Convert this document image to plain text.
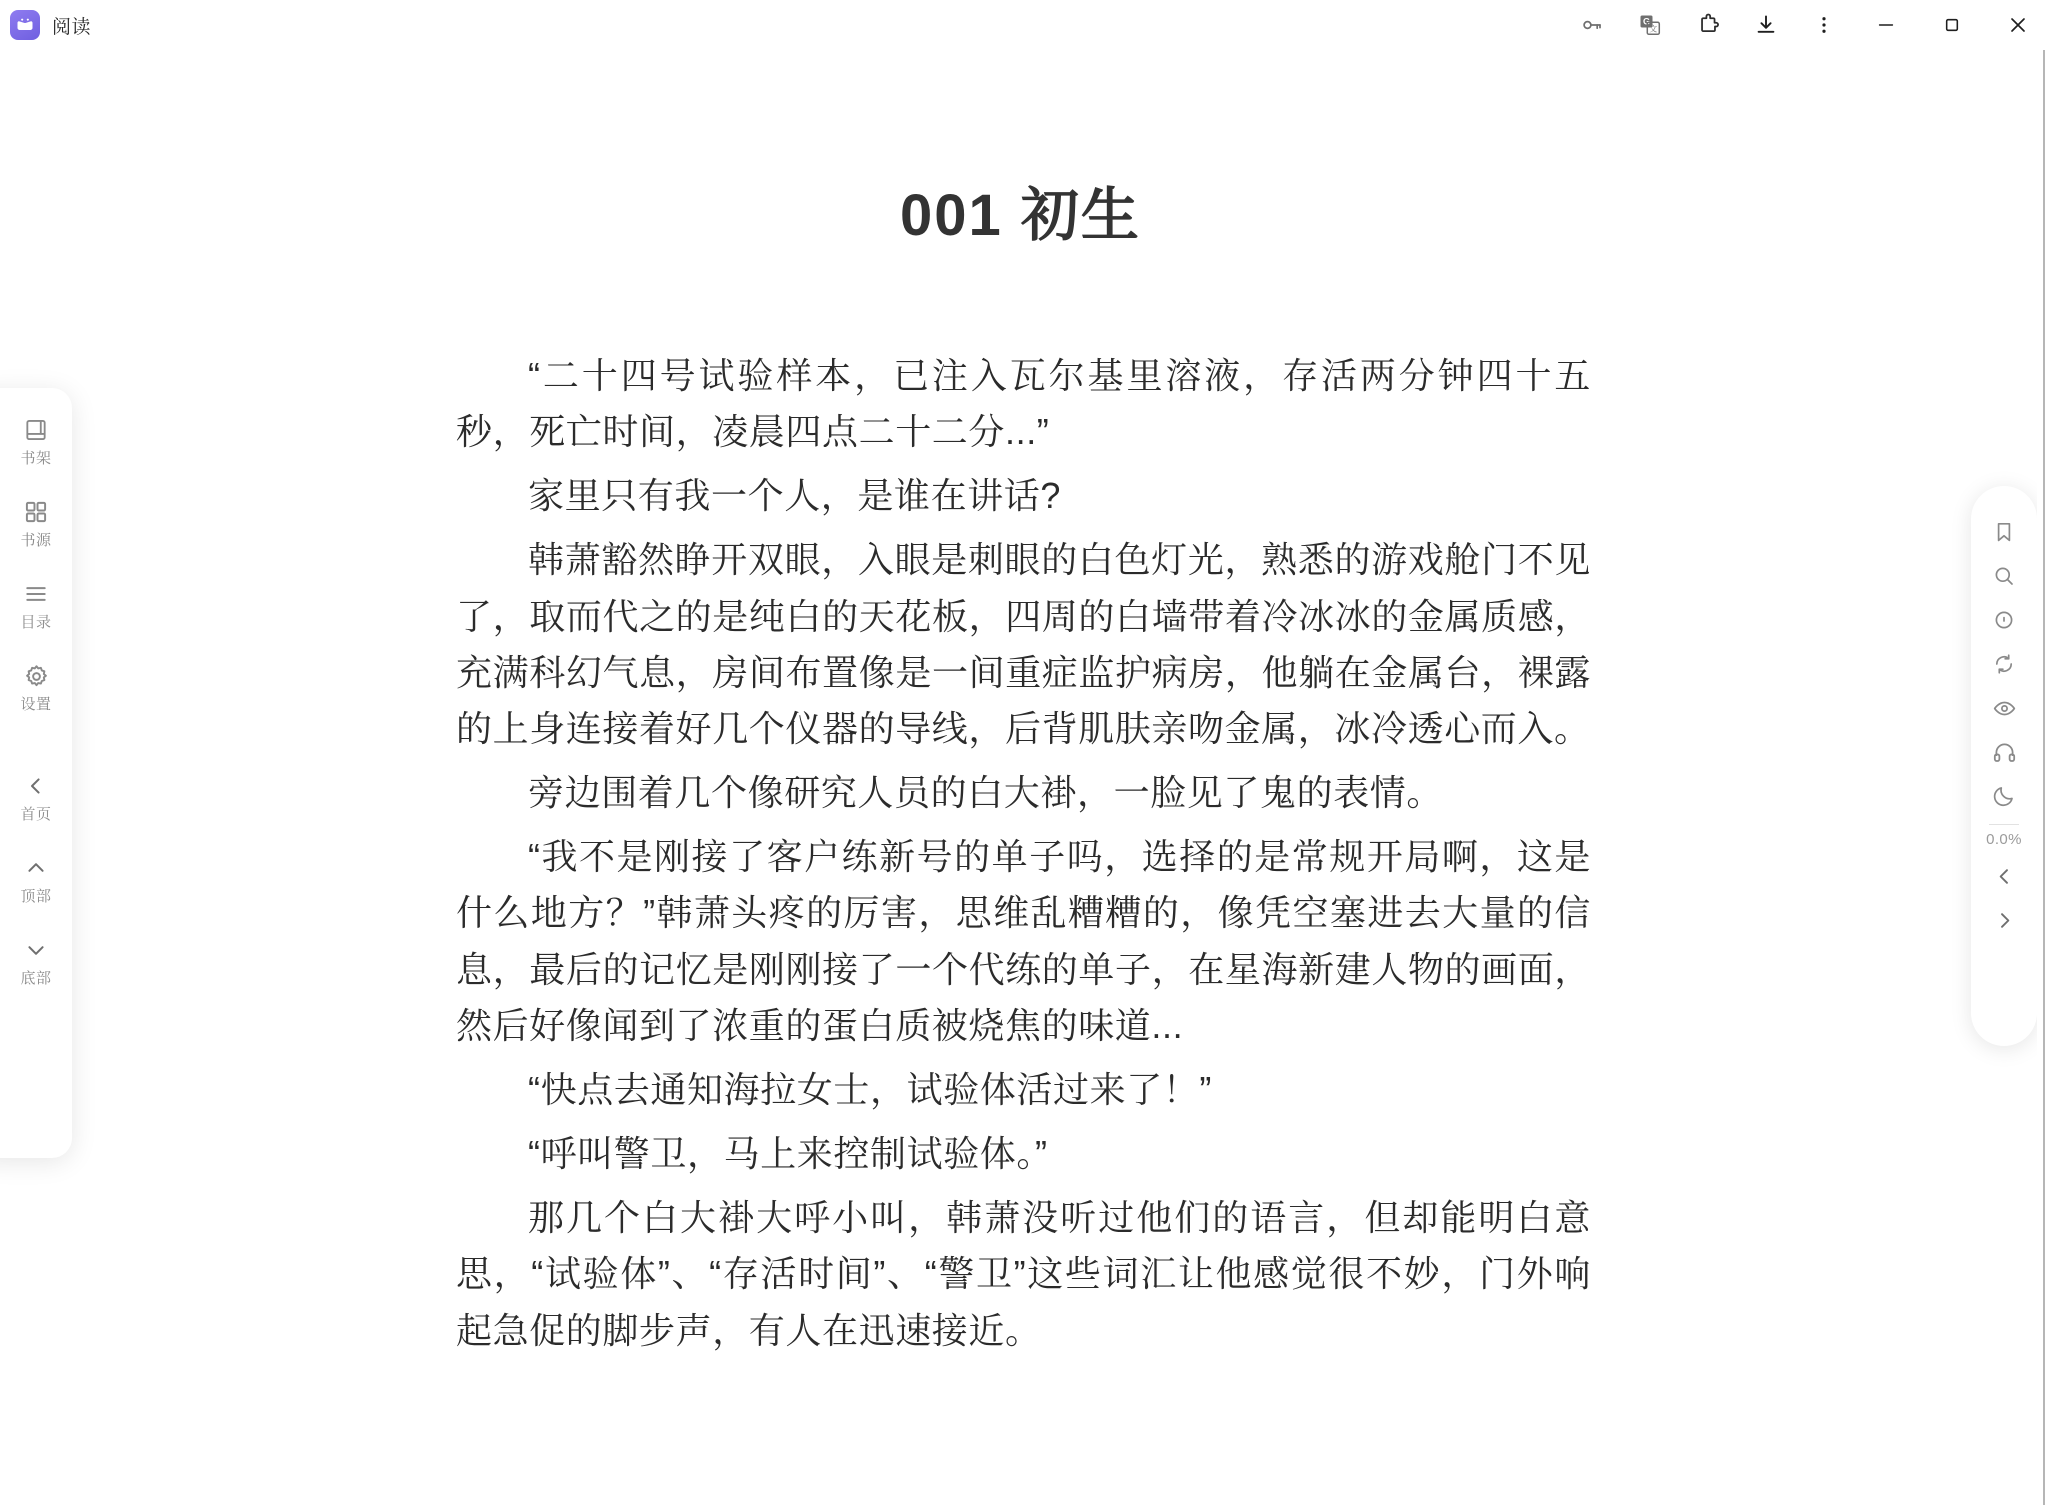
阅读	G
文
001 初生

“二十四号试验样本，已注入瓦尔基里溶液，存活两分钟四十五秒，死亡时间，凌晨四点二十二分...”

家里只有我一个人，是谁在讲话?

韩萧豁然睁开双眼，入眼是刺眼的白色灯光，熟悉的游戏舱门不见了，取而代之的是纯白的天花板，四周的白墙带着冷冰冰的金属质感，充满科幻气息，房间布置像是一间重症监护病房，他躺在金属台，裸露的上身连接着好几个仪器的导线，后背肌肤亲吻金属，冰冷透心而入。

旁边围着几个像研究人员的白大褂，一脸见了鬼的表情。

“我不是刚接了客户练新号的单子吗，选择的是常规开局啊，这是什么地方？”韩萧头疼的厉害，思维乱糟糟的，像凭空塞进去大量的信息，最后的记忆是刚刚接了一个代练的单子，在星海新建人物的画面，然后好像闻到了浓重的蛋白质被烧焦的味道...

“快点去通知海拉女士，试验体活过来了！”

“呼叫警卫，马上来控制试验体。”

那几个白大褂大呼小叫，韩萧没听过他们的语言，但却能明白意思，“试验体”、“存活时间”、“警卫”这些词汇让他感觉很不妙，门外响起急促的脚步声，有人在迅速接近。

书架
书源
目录
设置
首页
顶部
底部
0.0%
